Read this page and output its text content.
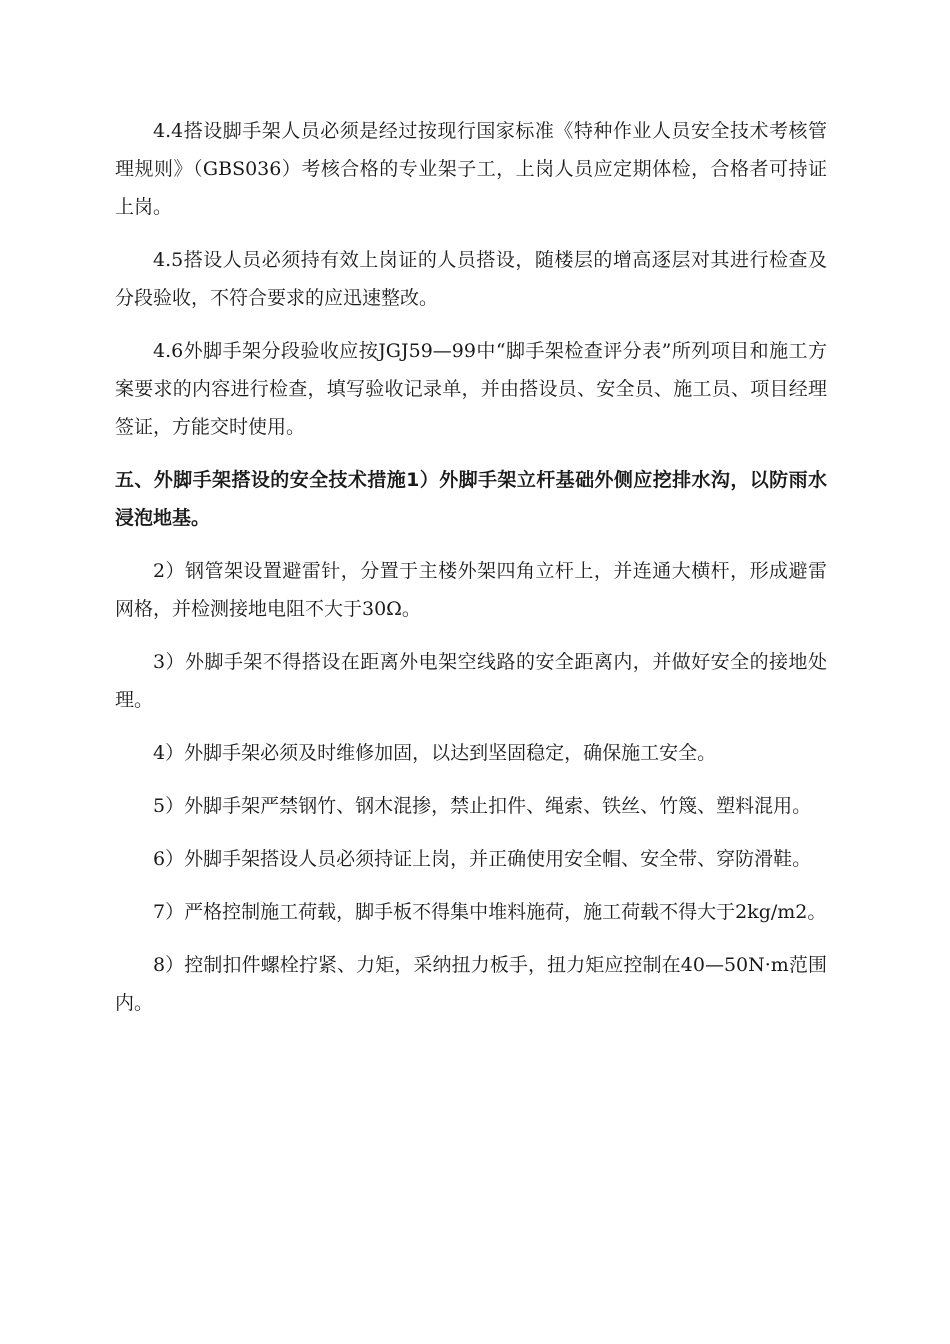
4.4搭设脚手架人员必须是经过按现行国家标准《特种作业人员安全技术考核管理规则》（GBS036）考核合格的专业架子工，上岗人员应定期体检，合格者可持证上岗。

4.5搭设人员必须持有效上岗证的人员搭设，随楼层的增高逐层对其进行检查及分段验收，不符合要求的应迅速整改。

4.6外脚手架分段验收应按JGJ59—99中“脚手架检查评分表”所列项目和施工方案要求的内容进行检查，填写验收记录单，并由搭设员、安全员、施工员、项目经理签证，方能交时使用。

五、外脚手架搭设的安全技术措施1）外脚手架立杆基础外侧应挖排水沟，以防雨水浸泡地基。

2）钢管架设置避雷针，分置于主楼外架四角立杆上，并连通大横杆，形成避雷网格，并检测接地电阻不大于30Ω。

3）外脚手架不得搭设在距离外电架空线路的安全距离内，并做好安全的接地处理。

4）外脚手架必须及时维修加固，以达到坚固稳定，确保施工安全。

5）外脚手架严禁钢竹、钢木混掺，禁止扣件、绳索、铁丝、竹篾、塑料混用。

6）外脚手架搭设人员必须持证上岗，并正确使用安全帽、安全带、穿防滑鞋。

7）严格控制施工荷载，脚手板不得集中堆料施荷，施工荷载不得大于2kg/m2。

8）控制扣件螺栓拧紧、力矩，采纳扭力板手，扭力矩应控制在40—50N·m范围内。
